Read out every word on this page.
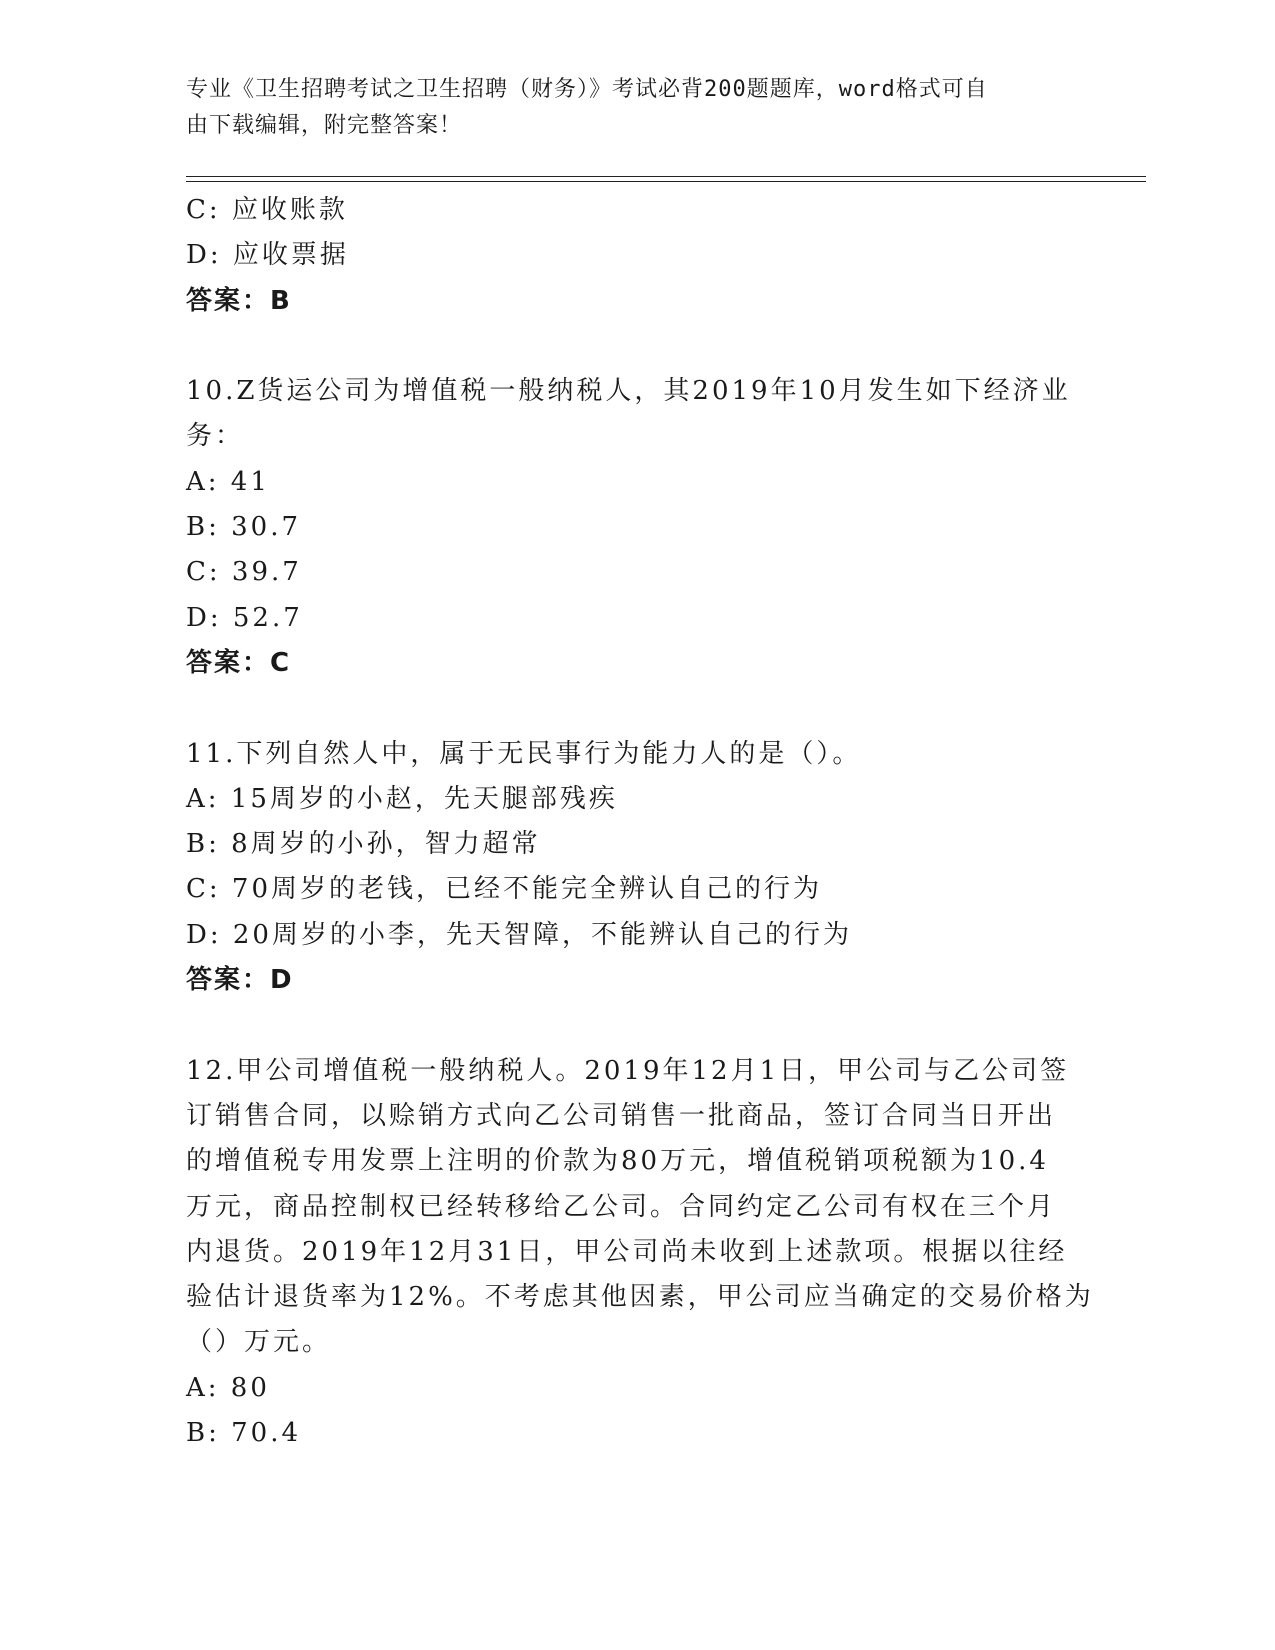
专业《卫生招聘考试之卫生招聘（财务）》考试必背200题题库，word格式可自
由下载编辑，附完整答案！
C: 应收账款
D: 应收票据
答案：B
10.Z货运公司为增值税一般纳税人，其2019年10月发生如下经济业
务：
A: 41
B: 30.7
C: 39.7
D: 52.7
答案：C
11.下列自然人中，属于无民事行为能力人的是（）。
A: 15周岁的小赵，先天腿部残疾
B: 8周岁的小孙，智力超常
C: 70周岁的老钱，已经不能完全辨认自己的行为
D: 20周岁的小李，先天智障，不能辨认自己的行为
答案：D
12.甲公司增值税一般纳税人。2019年12月1日，甲公司与乙公司签
订销售合同，以赊销方式向乙公司销售一批商品，签订合同当日开出
的增值税专用发票上注明的价款为80万元，增值税销项税额为10.4
万元，商品控制权已经转移给乙公司。合同约定乙公司有权在三个月
内退货。2019年12月31日，甲公司尚未收到上述款项。根据以往经
验估计退货率为12%。不考虑其他因素，甲公司应当确定的交易价格为
（）万元。
A: 80
B: 70.4
